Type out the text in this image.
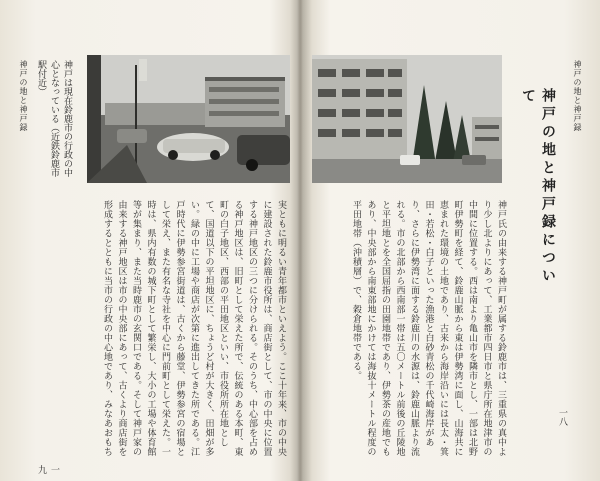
神戸の地と神戸録	神戸は現在鈴鹿市の行政の中心となっている（近鉄鈴鹿市駅付近）
実ともに明るい青年都市といえよう。ここ十年来、市の中央に建設された鈴鹿市役所は、商店街として、市の中央に位置する神戸地区の三つに分けられる。そのうち、中心部を占める神戸地区は、旧町として栄えた所で、伝統のある本町、東町の白子地区、西部の平田地区といい、市役所所在地として、国道以下の平坦地区に、ちょうど村が大きく、田畑が多い。緑の中に工場や商店が次第に進出してきた所である。江戸時代に伊勢参宮街道は、古くから藤堂、伊勢参宮の宿場として栄え、また有名な寺社を中心に門前町として栄えた。一時は、県内有数の城下町として繁栄し、大小の工場や体育館等が集まり、また当時鹿市の玄関口である。そして神戸家の由来する神戸地区は市の中央部にあって、古くより商店街を形成するとともに当市の行政の中心地であり、みなあおもち
一九
神戸の地と神戸録
神戸の地と神戸録について
神戸氏の由来する神戸町が属する鈴鹿市は、三重県の真中より少し北よりにあって、工業都市四日市と県庁所在地津市の中間に位置する。西は南より亀山市を隣市とし、一部は北野町伊勢町を経て、鈴鹿山脈から東は伊勢湾に面し、山海共に恵まれた環境の土地であり、古来から海岸沿いには長太・箕田・若松・白子といった漁港と白砂青松の千代崎海岸があり、さらに伊勢湾に面する鈴鹿川の水源は、鈴鹿山脈より流れる。市の北部から西南部一帯は五〇メートル前後の丘陵地と平坦地とを全国屈指の田園地帯であり、伊勢茶の産地でもあり、中央部から南東部地にかけては海抜十メートル程度の平田地帯（沖積層）で、穀倉地帯である。
一八
